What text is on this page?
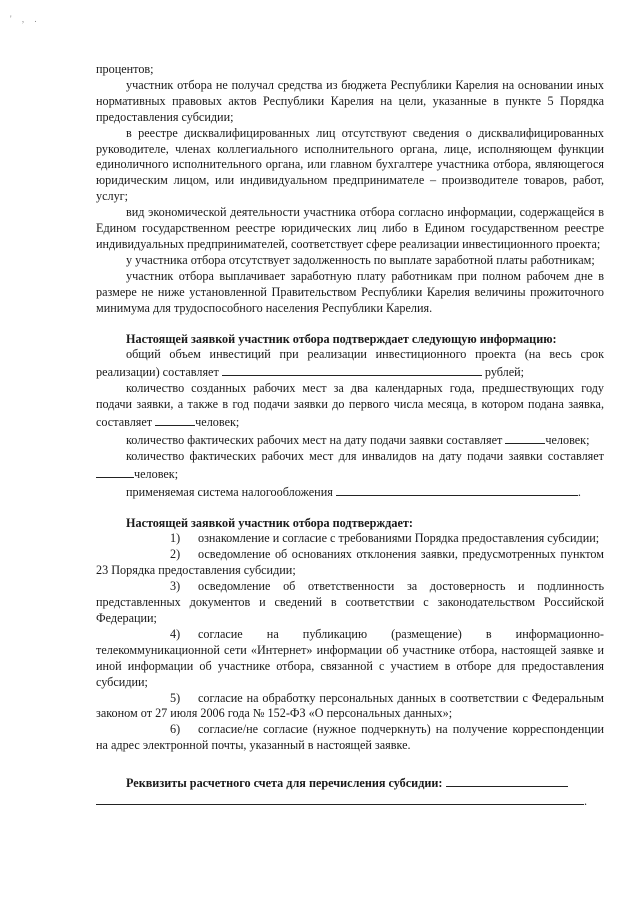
' , .

процентов;

участник отбора не получал средства из бюджета Республики Карелия на основании иных нормативных правовых актов Республики Карелия на цели, указанные в пункте 5 Порядка предоставления субсидии;

в реестре дисквалифицированных лиц отсутствуют сведения о дисквалифицированных руководителе, членах коллегиального исполнительного органа, лице, исполняющем функции единоличного исполнительного органа, или главном бухгалтере участника отбора, являющегося юридическим лицом, или индивидуальном предпринимателе – производителе товаров, работ, услуг;

вид экономической деятельности участника отбора согласно информации, содержащейся в Едином государственном реестре юридических лиц либо в Едином государственном реестре индивидуальных предпринимателей, соответствует сфере реализации инвестиционного проекта;

у участника отбора отсутствует задолженность по выплате заработной платы работникам;

участник отбора выплачивает заработную плату работникам при полном рабочем дне в размере не ниже установленной Правительством Республики Карелия величины прожиточного минимума для трудоспособного населения Республики Карелия.

Настоящей заявкой участник отбора подтверждает следующую информацию:

общий объем инвестиций при реализации инвестиционного проекта (на весь срок реализации) составляет	рублей;

количество созданных рабочих мест за два календарных года, предшествующих году подачи заявки, а также в год подачи заявки до первого числа месяца, в котором подана заявка, составляет	человек;

количество фактических рабочих мест на дату подачи заявки составляет	человек;

количество фактических рабочих мест для инвалидов на дату подачи заявки составляет человек;

применяемая система налогообложения	.

Настоящей заявкой участник отбора подтверждает:

1) ознакомление и согласие с требованиями Порядка предоставления субсидии;

2) осведомление об основаниях отклонения заявки, предусмотренных пунктом 23 Порядка предоставления субсидии;

3) осведомление об ответственности за достоверность и подлинность представленных документов и сведений в соответствии с законодательством Российской Федерации;

4) согласие на публикацию (размещение) в информационно-телекоммуникационной сети «Интернет» информации об участнике отбора, настоящей заявке и иной информации об участнике отбора, связанной с участием в отборе для предоставления субсидии;

5) согласие на обработку персональных данных в соответствии с Федеральным законом от 27 июля 2006 года № 152-ФЗ «О персональных данных»;

6) согласие/не согласие (нужное подчеркнуть) на получение корреспонденции на адрес электронной почты, указанный в настоящей заявке.

Реквизиты расчетного счета для перечисления субсидии:

.
